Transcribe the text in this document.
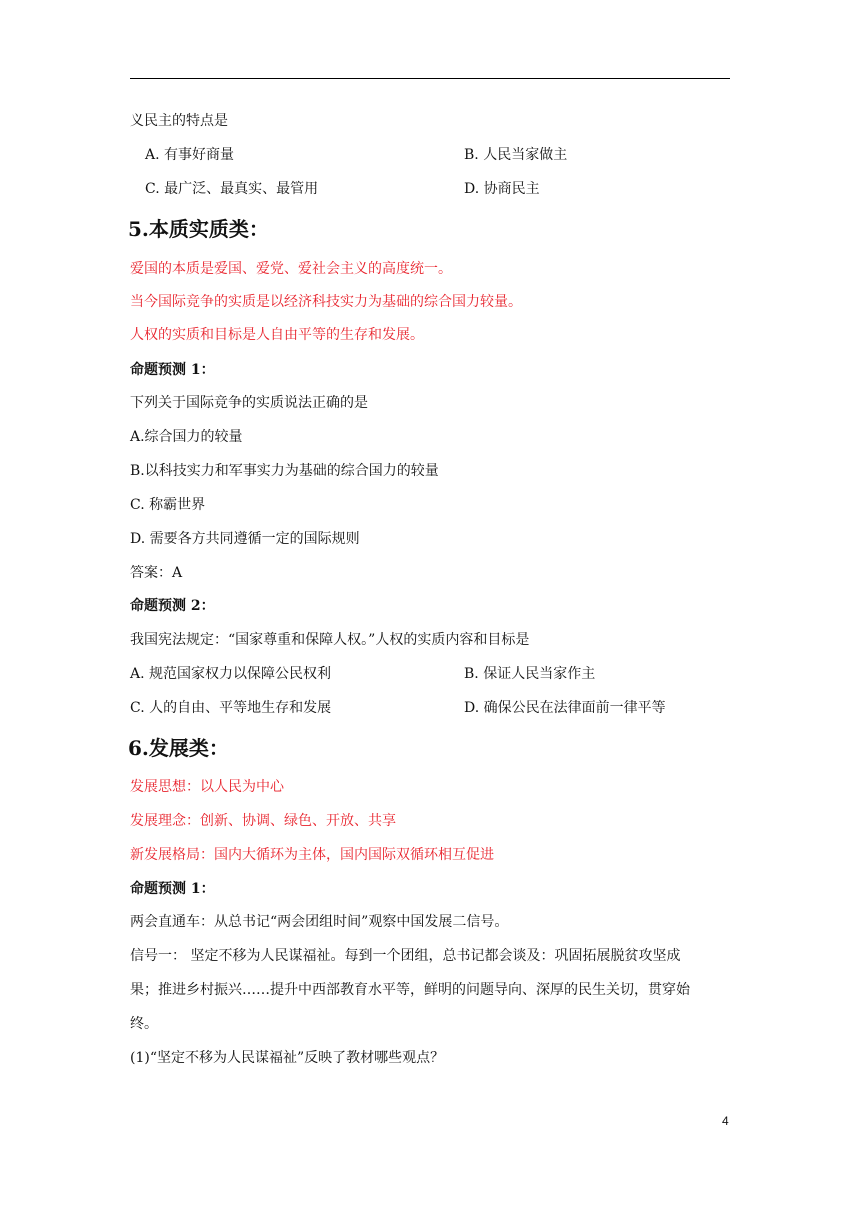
义民主的特点是
A. 有事好商量	B. 人民当家做主
C. 最广泛、最真实、最管用	D. 协商民主
5.本质实质类：
爱国的本质是爱国、爱党、爱社会主义的高度统一。
当今国际竞争的实质是以经济科技实力为基础的综合国力较量。
人权的实质和目标是人自由平等的生存和发展。
命题预测 1：
下列关于国际竞争的实质说法正确的是
A.综合国力的较量
B.以科技实力和军事实力为基础的综合国力的较量
C. 称霸世界
D. 需要各方共同遵循一定的国际规则
答案：A
命题预测 2：
我国宪法规定：“国家尊重和保障人权。”人权的实质内容和目标是
A. 规范国家权力以保障公民权利	B. 保证人民当家作主
C. 人的自由、平等地生存和发展	D. 确保公民在法律面前一律平等
6.发展类：
发展思想：以人民为中心
发展理念：创新、协调、绿色、开放、共享
新发展格局：国内大循环为主体，国内国际双循环相互促进
命题预测 1：
两会直通车：从总书记“两会团组时间”观察中国发展二信号。
信号一： 坚定不移为人民谋福祉。每到一个团组，总书记都会谈及：巩固拓展脱贫攻坚成
果；推进乡村振兴……提升中西部教育水平等，鲜明的问题导向、深厚的民生关切，贯穿始
终。
(1)“坚定不移为人民谋福祉”反映了教材哪些观点？
4
